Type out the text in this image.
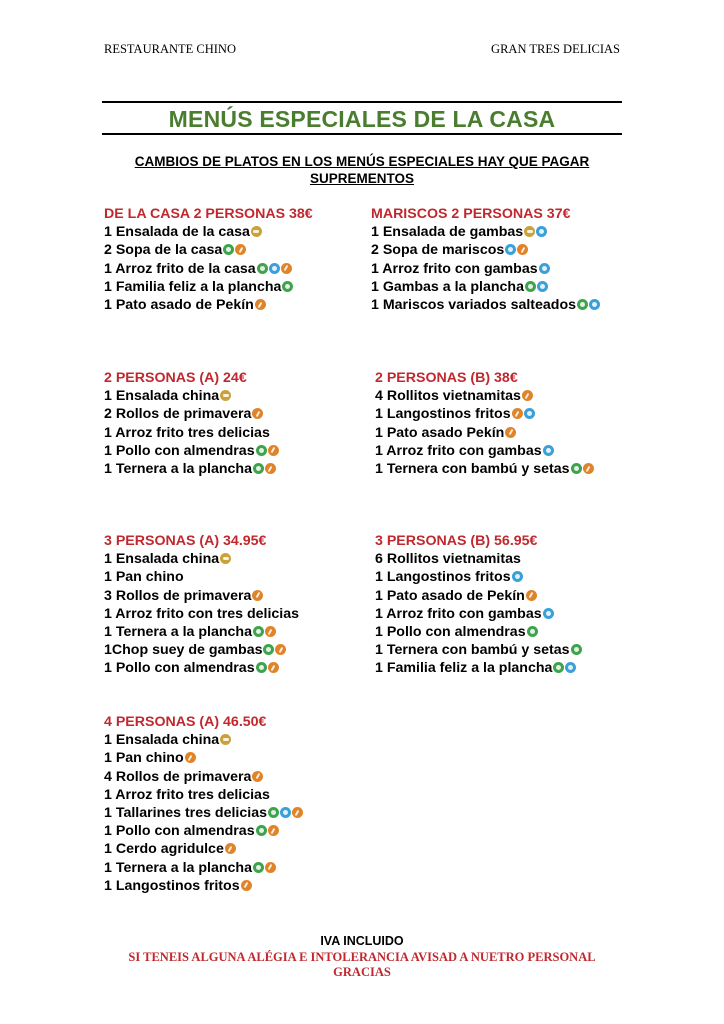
RESTAURANTE CHINO	GRAN TRES DELICIAS
MENÚS ESPECIALES DE LA CASA
CAMBIOS DE PLATOS EN LOS MENÚS ESPECIALES HAY QUE PAGAR SUPREMENTOS
DE LA CASA 2 PERSONAS 38€
1 Ensalada de la casa
2 Sopa de la casa
1 Arroz frito de la casa
1 Familia feliz a la plancha
1 Pato asado de Pekín
MARISCOS 2 PERSONAS 37€
1 Ensalada de gambas
2 Sopa de mariscos
1 Arroz frito con gambas
1 Gambas a la plancha
1 Mariscos variados salteados
2 PERSONAS (A) 24€
1 Ensalada china
2 Rollos de primavera
1 Arroz frito tres delicias
1 Pollo con almendras
1 Ternera a la plancha
2 PERSONAS (B) 38€
4 Rollitos vietnamitas
1 Langostinos fritos
1 Pato asado Pekín
1 Arroz frito con gambas
1 Ternera con bambú y setas
3 PERSONAS (A) 34.95€
1 Ensalada china
1 Pan chino
3 Rollos de primavera
1 Arroz frito con tres delicias
1 Ternera a la plancha
1Chop suey de gambas
1 Pollo con almendras
3 PERSONAS (B) 56.95€
6 Rollitos vietnamitas
1 Langostinos fritos
1 Pato asado de Pekín
1 Arroz frito con gambas
1 Pollo con almendras
1 Ternera con bambú y setas
1 Familia feliz a la plancha
4 PERSONAS (A) 46.50€
1 Ensalada china
1 Pan chino
4 Rollos de primavera
1 Arroz frito tres delicias
1 Tallarines tres delicias
1 Pollo con almendras
1 Cerdo agridulce
1 Ternera a la plancha
1 Langostinos fritos
IVA INCLUIDO
SI TENEIS ALGUNA ALÉGIA E INTOLERANCIA AVISAD A NUETRO PERSONAL
GRACIAS
